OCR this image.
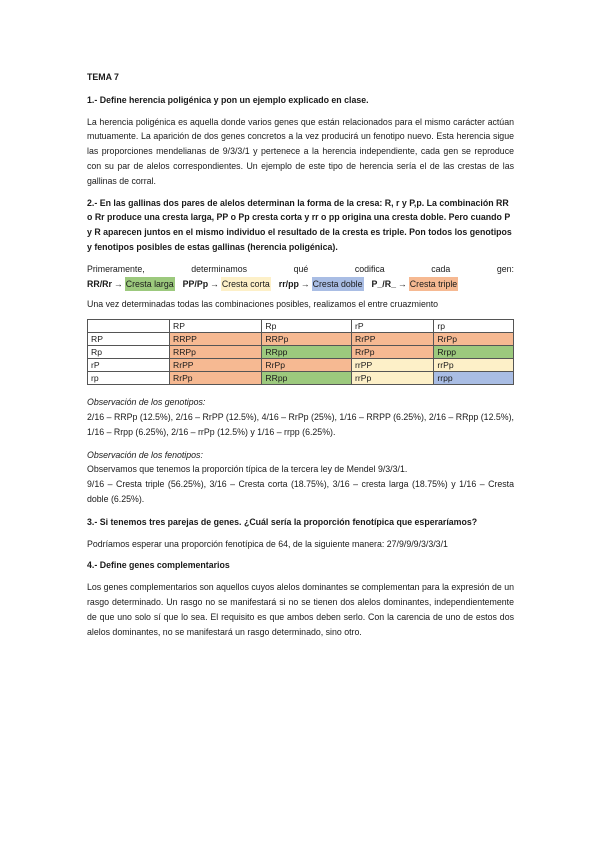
TEMA 7
1.- Define herencia poligénica y pon un ejemplo explicado en clase.
La herencia poligénica es aquella donde varios genes que están relacionados para el mismo carácter actúan mutuamente. La aparición de dos genes concretos a la vez producirá un fenotipo nuevo. Esta herencia sigue las proporciones mendelianas de 9/3/3/1 y pertenece a la herencia independiente, cada gen se reproduce con su par de alelos correspondientes. Un ejemplo de este tipo de herencia sería el de las crestas de las gallinas de corral.
2.- En las gallinas dos pares de alelos determinan la forma de la cresa: R, r y P,p. La combinación RR o Rr produce una cresta larga, PP o Pp cresta corta y rr o pp origina una cresta doble. Pero cuando P y R aparecen juntos en el mismo individuo el resultado de la cresta es triple. Pon todos los genotipos y fenotipos posibles de estas gallinas (herencia poligénica).
Primeramente,	determinamos	qué	codifica	cada	gen:
RR/Rr → Cresta larga PP/Pp → Cresta corta rr/pp → Cresta doble P_/R_ → Cresta triple
Una vez determinadas todas las combinaciones posibles, realizamos el entre cruazmiento
	RP	Rp	rP	rp
RP	RRPP	RRPp	RrPP	RrPp
Rp	RRPp	RRpp	RrPp	Rrpp
rP	RrPP	RrPp	rrPP	rrPp
rp	RrPp	RRpp	rrPp	rrpp
Observación de los genotipos:
2/16 – RRPp (12.5%), 2/16 – RrPP (12.5%), 4/16 – RrPp (25%), 1/16 – RRPP (6.25%), 2/16 – RRpp (12.5%), 1/16 – Rrpp (6.25%), 2/16 – rrPp (12.5%) y 1/16 – rrpp (6.25%).
Observación de los fenotipos:
Observamos que tenemos la proporción típica de la tercera ley de Mendel 9/3/3/1.
9/16 – Cresta triple (56.25%), 3/16 – Cresta corta (18.75%), 3/16 – cresta larga (18.75%) y 1/16 – Cresta doble (6.25%).
3.- Si tenemos tres parejas de genes. ¿Cuál sería la proporción fenotípica que esperaríamos?
Podríamos esperar una proporción fenotípica de 64, de la siguiente manera: 27/9/9/9/3/3/3/1
4.- Define genes complementarios
Los genes complementarios son aquellos cuyos alelos dominantes se complementan para la expresión de un rasgo determinado. Un rasgo no se manifestará si no se tienen dos alelos dominantes, independientemente de que uno solo sí que lo sea. El requisito es que ambos deben serlo. Con la carencia de uno de estos dos alelos dominantes, no se manifestará un rasgo determinado, sino otro.
